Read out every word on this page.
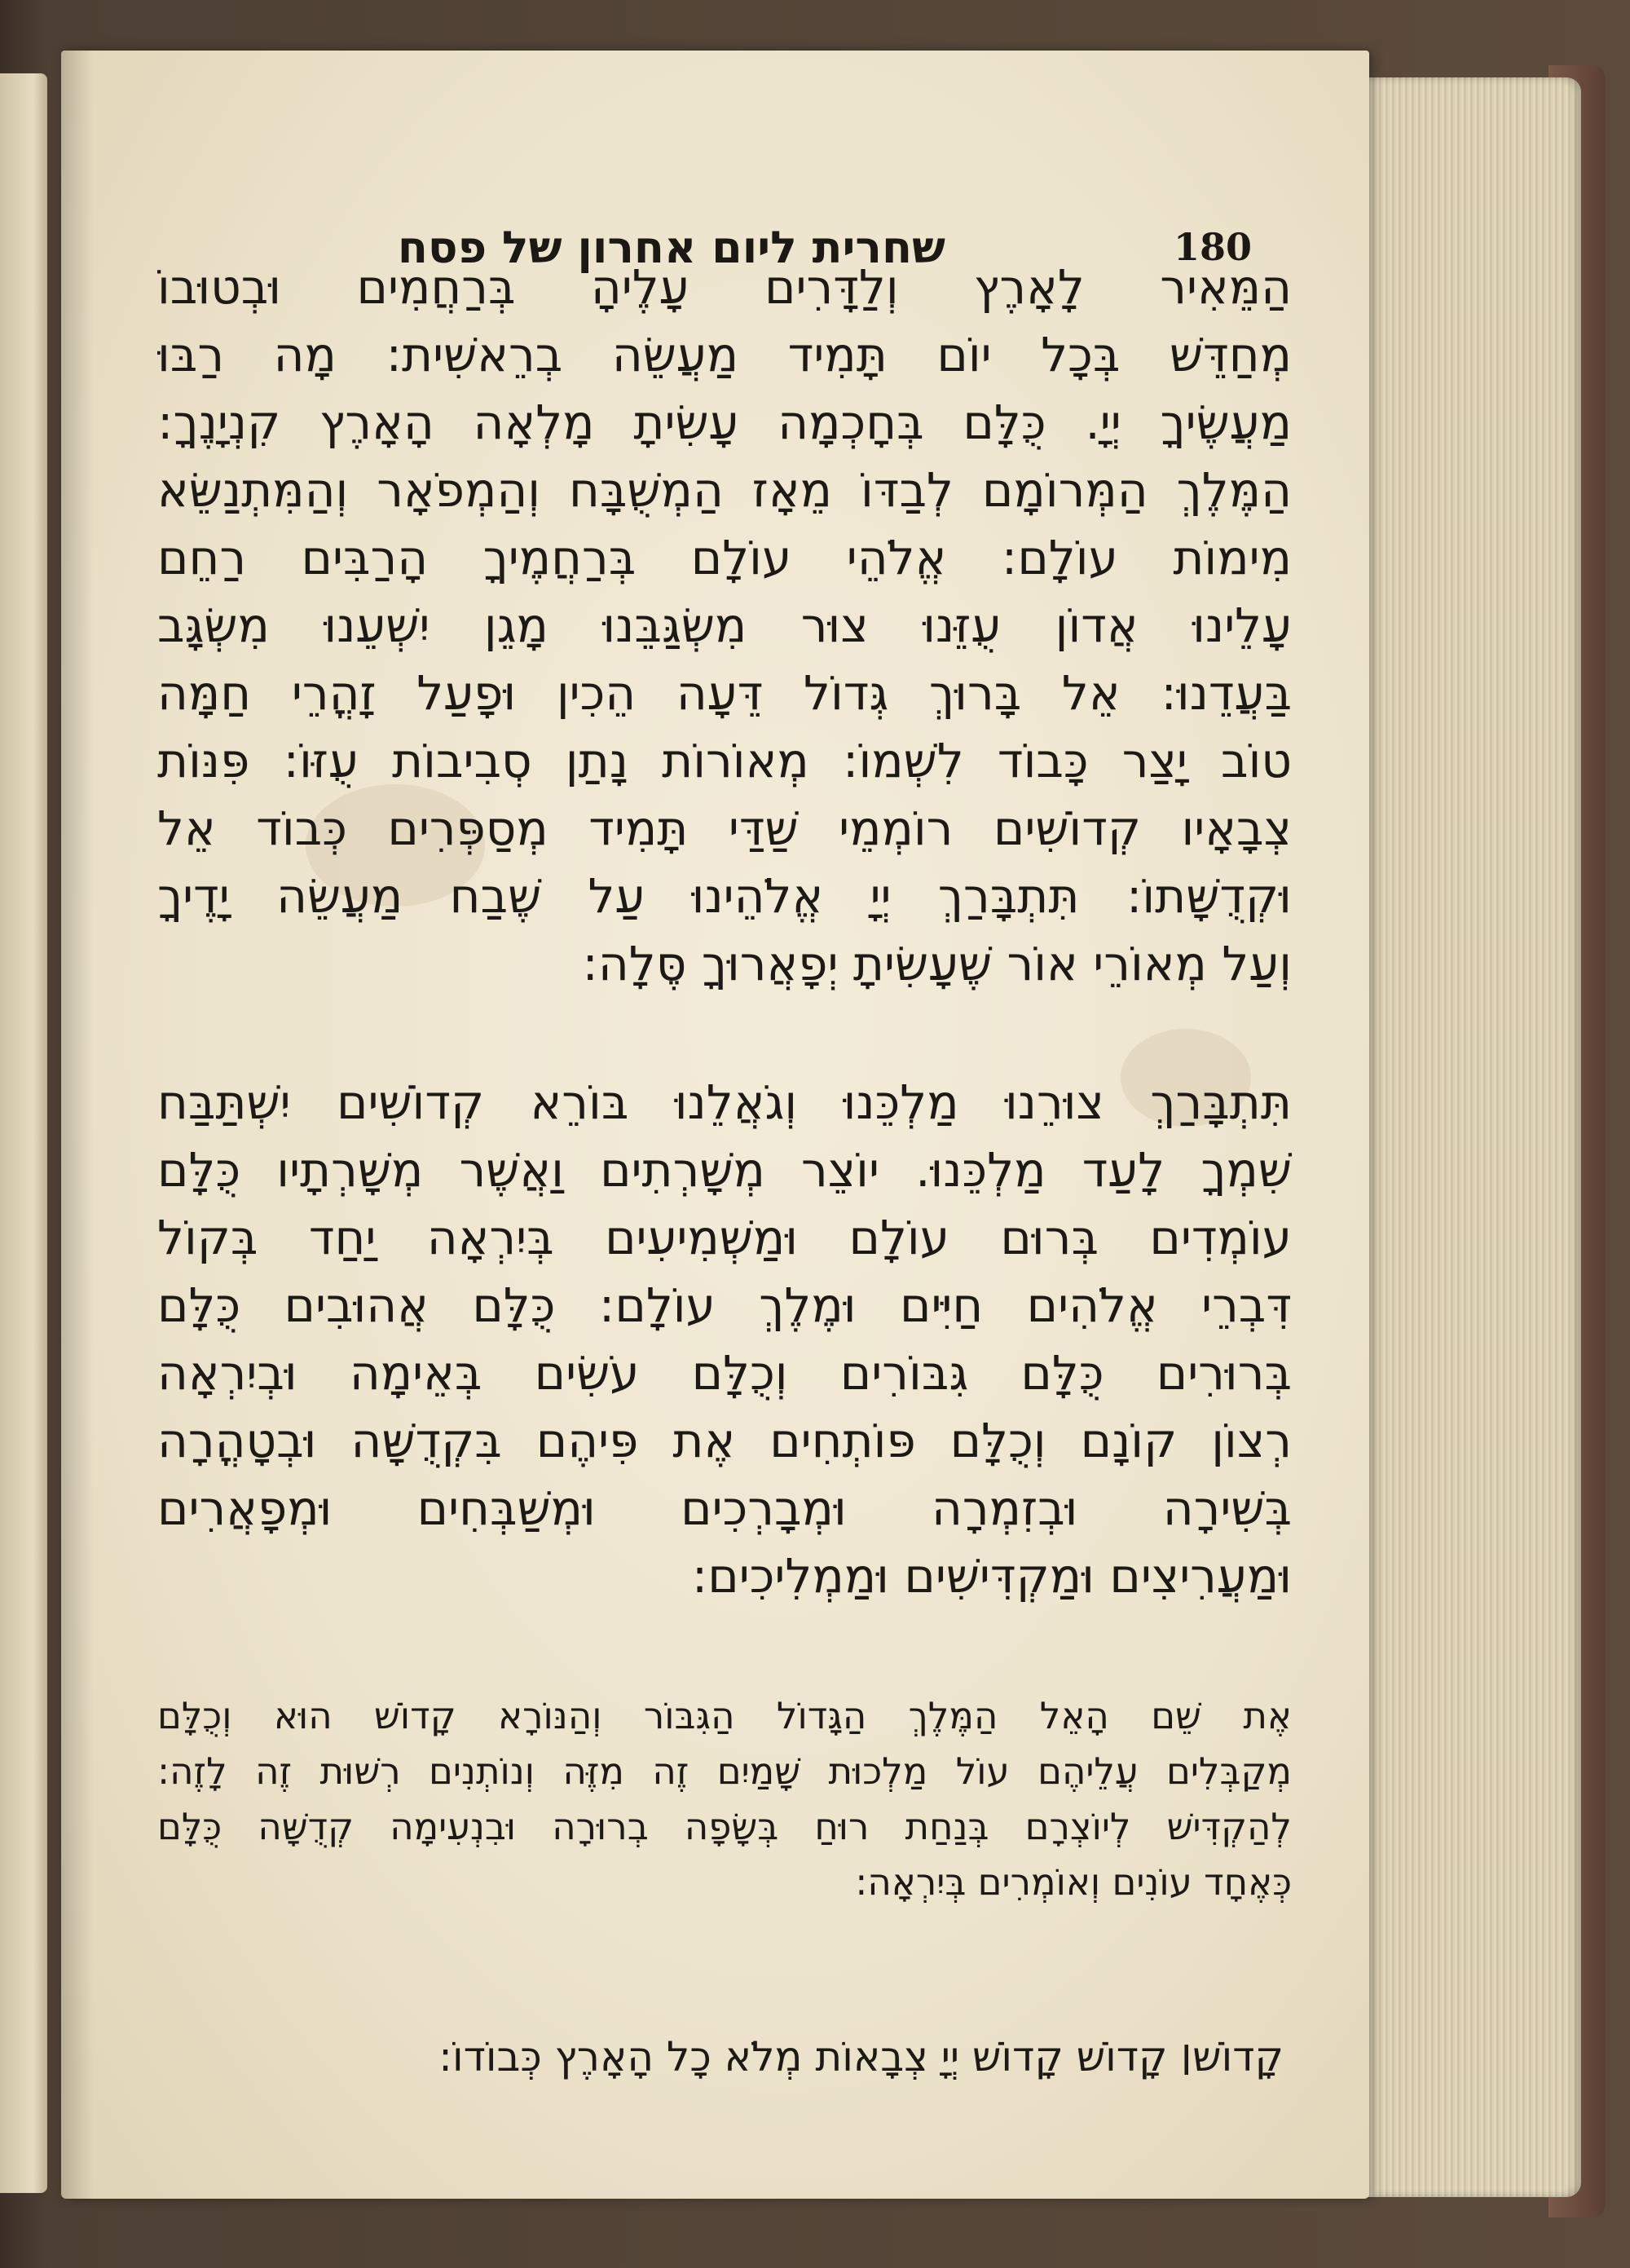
180
שחרית ליום אחרון של פסח
הַמֵּאִיר לָאָרֶץ וְלַדָּרִים עָלֶיהָ בְּרַחֲמִים וּבְטוּבוֹ
מְחַדֵּשׁ בְּכָל יוֹם תָּמִיד מַעֲשֵׂה בְרֵאשִׁית: מָה רַבּוּ
מַעֲשֶׂיךָ יְיָ. כֻּלָּם בְּחָכְמָה עָשִׂיתָ מָלְאָה הָאָרֶץ קִנְיָנֶךָ:
הַמֶּלֶךְ הַמְּרוֹמָם לְבַדּוֹ מֵאָז הַמְשֻׁבָּח וְהַמְפֹאָר וְהַמִּתְנַשֵּׂא
מִימוֹת עוֹלָם: אֱלֹהֵי עוֹלָם בְּרַחֲמֶיךָ הָרַבִּים רַחֵם
עָלֵינוּ אֲדוֹן עֻזֵּנוּ צוּר מִשְׂגַּבֵּנוּ מָגֵן יִשְׁעֵנוּ מִשְׂגָּב
בַּעֲדֵנוּ: אֵל בָּרוּךְ גְּדוֹל דֵּעָה הֵכִין וּפָעַל זָהֳרֵי חַמָּה
טוֹב יָצַר כָּבוֹד לִשְׁמוֹ: מְאוֹרוֹת נָתַן סְבִיבוֹת עֻזּוֹ: פִּנּוֹת
צְבָאָיו קְדוֹשִׁים רוֹמְמֵי שַׁדַּי תָּמִיד מְסַפְּרִים כְּבוֹד אֵל
וּקְדֻשָּׁתוֹ: תִּתְבָּרַךְ יְיָ אֱלֹהֵינוּ עַל שֶׁבַח מַעֲשֵׂה יָדֶיךָ
וְעַל מְאוֹרֵי אוֹר שֶׁעָשִׂיתָ יְפָאֲרוּךָ סֶּלָה:
תִּתְבָּרַךְ צוּרֵנוּ מַלְכֵּנוּ וְגֹאֲלֵנוּ בּוֹרֵא קְדוֹשִׁים יִשְׁתַּבַּח
שִׁמְךָ לָעַד מַלְכֵּנוּ. יוֹצֵר מְשָׁרְתִים וַאֲשֶׁר מְשָׁרְתָיו כֻּלָּם
עוֹמְדִים בְּרוּם עוֹלָם וּמַשְׁמִיעִים בְּיִרְאָה יַחַד בְּקוֹל
דִּבְרֵי אֱלֹהִים חַיִּים וּמֶלֶךְ עוֹלָם: כֻּלָּם אֲהוּבִים כֻּלָּם
בְּרוּרִים כֻּלָּם גִּבּוֹרִים וְכֻלָּם עֹשִׂים בְּאֵימָה וּבְיִרְאָה
רְצוֹן קוֹנָם וְכֻלָּם פּוֹתְחִים אֶת פִּיהֶם בִּקְדֻשָּׁה וּבְטָהֳרָה
בְּשִׁירָה וּבְזִמְרָה וּמְבָרְכִים וּמְשַׁבְּחִים וּמְפָאֲרִים
וּמַעֲרִיצִים וּמַקְדִּישִׁים וּמַמְלִיכִים:
אֶת שֵׁם הָאֵל הַמֶּלֶךְ הַגָּדוֹל הַגִּבּוֹר וְהַנּוֹרָא קָדוֹשׁ הוּא וְכֻלָּם
מְקַבְּלִים עֲלֵיהֶם עוֹל מַלְכוּת שָׁמַיִם זֶה מִזֶּה וְנוֹתְנִים רְשׁוּת זֶה לָזֶה:
לְהַקְדִּישׁ לְיוֹצְרָם בְּנַחַת רוּחַ בְּשָׂפָה בְרוּרָה וּבִנְעִימָה קְדֻשָּׁה כֻּלָּם
כְּאֶחָד עוֹנִים וְאוֹמְרִים בְּיִרְאָה:
קָדוֹשׁ׀ קָדוֹשׁ קָדוֹשׁ יְיָ צְבָאוֹת מְלֹא כָל הָאָרֶץ כְּבוֹדוֹ:
